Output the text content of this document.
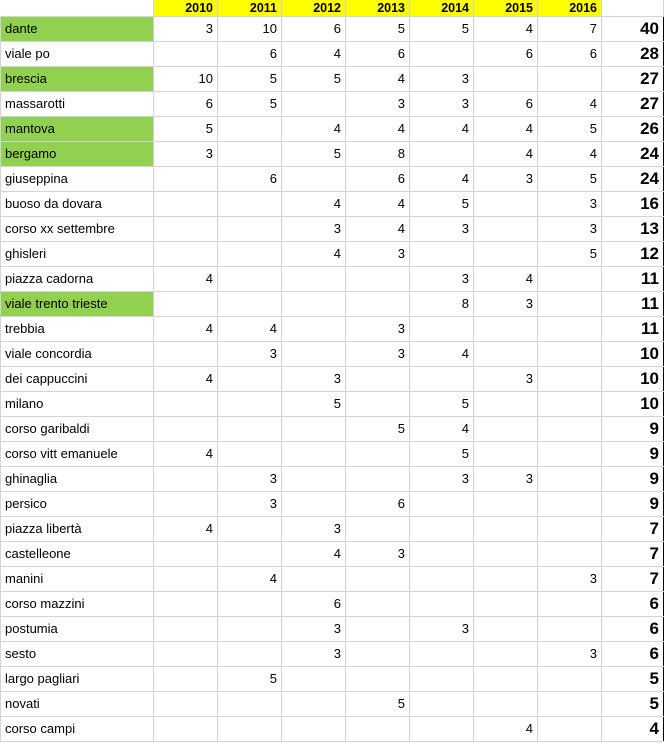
	2010	2011	2012	2013	2014	2015	2016	
dante	3	10	6	5	5	4	7	40
viale po		6	4	6		6	6	28
brescia	10	5	5	4	3			27
massarotti	6	5		3	3	6	4	27
mantova	5		4	4	4	4	5	26
bergamo	3		5	8		4	4	24
giuseppina		6		6	4	3	5	24
buoso da dovara			4	4	5		3	16
corso xx settembre			3	4	3		3	13
ghisleri			4	3			5	12
piazza cadorna	4				3	4		11
viale trento trieste					8	3		11
trebbia	4	4		3				11
viale concordia		3		3	4			10
dei cappuccini	4		3			3		10
milano			5		5			10
corso garibaldi				5	4			9
corso vitt emanuele	4				5			9
ghinaglia		3			3	3		9
persico		3		6				9
piazza libertà	4		3					7
castelleone			4	3				7
manini		4					3	7
corso mazzini			6					6
postumia			3		3			6
sesto			3				3	6
largo pagliari		5						5
novati				5				5
corso campi						4		4
